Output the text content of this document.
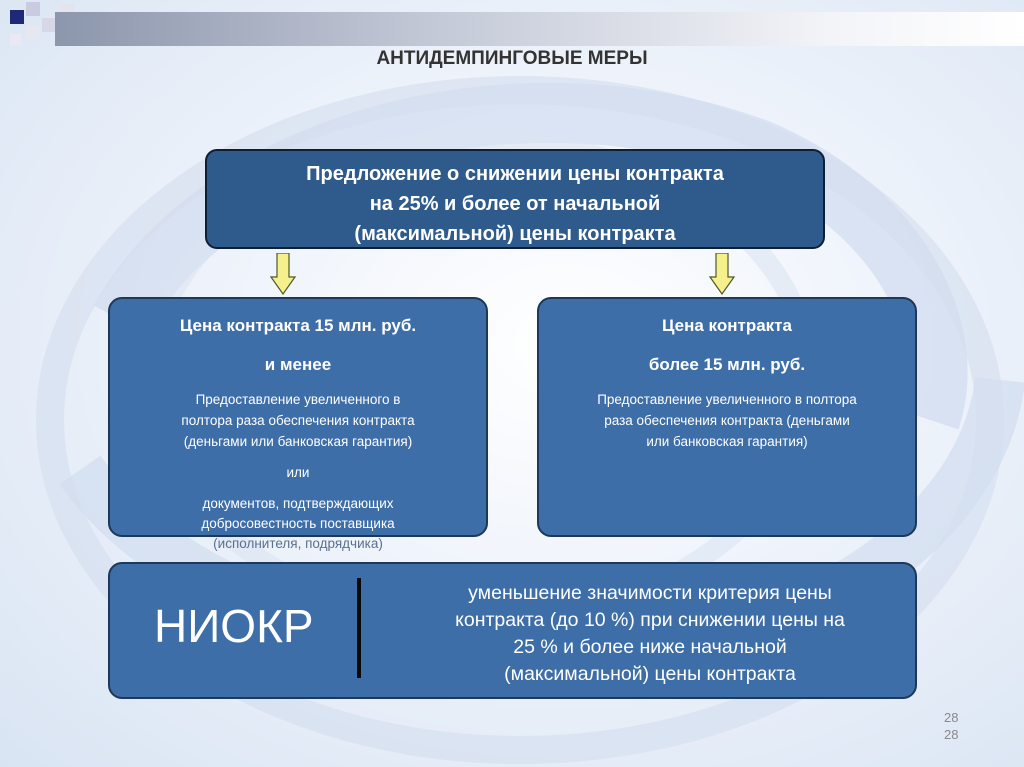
АНТИДЕМПИНГОВЫЕ МЕРЫ
Предложение о снижении цены контракта
на 25% и более от начальной
(максимальной) цены контракта
Цена контракта 15 млн. руб.
и менее
Предоставление увеличенного в
полтора раза обеспечения контракта
(деньгами или банковская гарантия)
или
документов, подтверждающих
добросовестность поставщика
(исполнителя, подрядчика)
Цена контракта
более 15 млн. руб.
Предоставление увеличенного в полтора
раза обеспечения контракта (деньгами
или банковская гарантия)
НИОКР
уменьшение значимости критерия цены
контракта (до 10 %) при снижении цены на
25 % и более ниже начальной
(максимальной) цены контракта
28
28
